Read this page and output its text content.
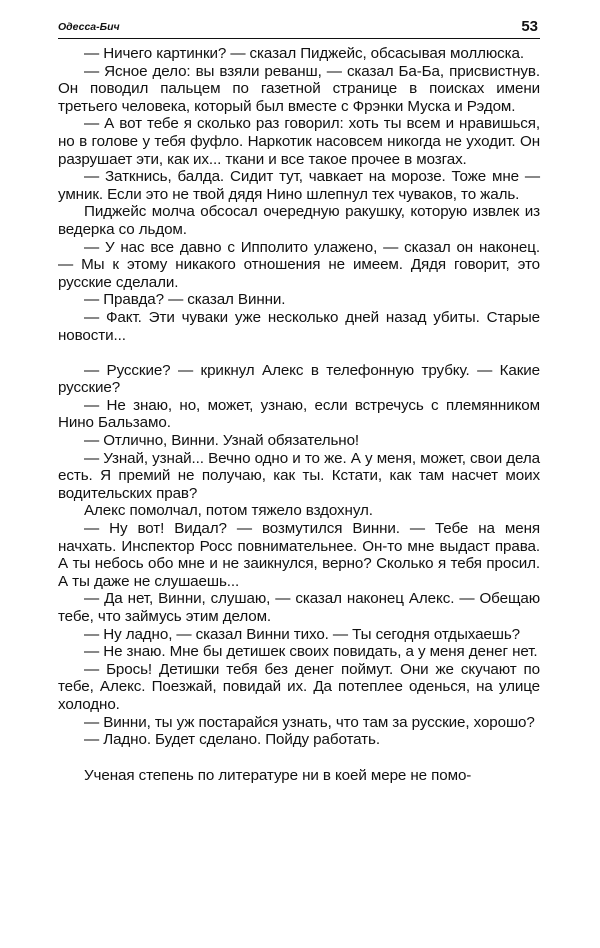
Одесса-Бич	53

— Ничего картинки? — сказал Пиджейс, обсасывая моллюска.

— Ясное дело: вы взяли реванш, — сказал Ба-Ба, присвистнув. Он поводил пальцем по газетной странице в поисках имени третьего человека, который был вместе с Фрэнки Муска и Рэдом.

— А вот тебе я сколько раз говорил: хоть ты всем и нравишься, но в голове у тебя фуфло. Наркотик насовсем никогда не уходит. Он разрушает эти, как их... ткани и все такое прочее в мозгах.

— Заткнись, балда. Сидит тут, чавкает на морозе. Тоже мне — умник. Если это не твой дядя Нино шлепнул тех чуваков, то жаль.

Пиджейс молча обсосал очередную ракушку, которую извлек из ведерка со льдом.

— У нас все давно с Ипполито улажено, — сказал он наконец. — Мы к этому никакого отношения не имеем. Дядя говорит, это русские сделали.

— Правда? — сказал Винни.

— Факт. Эти чуваки уже несколько дней назад убиты. Старые новости...

— Русские? — крикнул Алекс в телефонную трубку. — Какие русские?

— Не знаю, но, может, узнаю, если встречусь с племянником Нино Бальзамо.

— Отлично, Винни. Узнай обязательно!

— Узнай, узнай... Вечно одно и то же. А у меня, может, свои дела есть. Я премий не получаю, как ты. Кстати, как там насчет моих водительских прав?

Алекс помолчал, потом тяжело вздохнул.

— Ну вот! Видал? — возмутился Винни. — Тебе на меня начхать. Инспектор Росс повнимательнее. Он-то мне выдаст права. А ты небось обо мне и не заикнулся, верно? Сколько я тебя просил. А ты даже не слушаешь...

— Да нет, Винни, слушаю, — сказал наконец Алекс. — Обещаю тебе, что займусь этим делом.

— Ну ладно, — сказал Винни тихо. — Ты сегодня отдыхаешь?

— Не знаю. Мне бы детишек своих повидать, а у меня денег нет.

— Брось! Детишки тебя без денег поймут. Они же скучают по тебе, Алекс. Поезжай, повидай их. Да потеплее оденься, на улице холодно.

— Винни, ты уж постарайся узнать, что там за русские, хорошо?

— Ладно. Будет сделано. Пойду работать.

Ученая степень по литературе ни в коей мере не помо-
